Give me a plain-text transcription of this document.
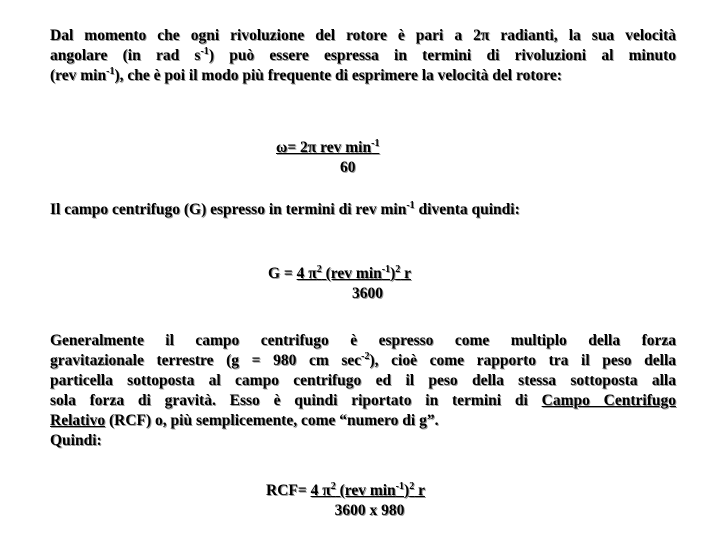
Dal momento che ogni rivoluzione del rotore è pari a 2π radianti, la sua velocità
angolare (in rad $s^{-1}$) può essere espressa in termini di rivoluzioni al minuto
(rev $\min^{-1}$), che è poi il modo più frequente di esprimere la velocità del rotore:
ω= 2π rev $\min^{-1}$
60
Il campo centrifugo (G) espresso in termini di rev $\min^{-1}$ diventa quindi:
G = 4 $\pi^2$ (rev $\min^{-1})^2$ r
3600
Generalmente il campo centrifugo è espresso come multiplo della forza
gravitazionale terrestre (g = 980 cm $\sec^{-2}$), cioè come rapporto tra il peso della
particella sottoposta al campo centrifugo ed il peso della stessa sottoposta alla
sola forza di gravità. Esso è quindi riportato in termini di Campo Centrifugo
Relativo (RCF) o, più semplicemente, come “numero di g”.
Quindi:
RCF= 4 $\pi^2$ (rev $\min^{-1})^2$ r
3600 x 980
